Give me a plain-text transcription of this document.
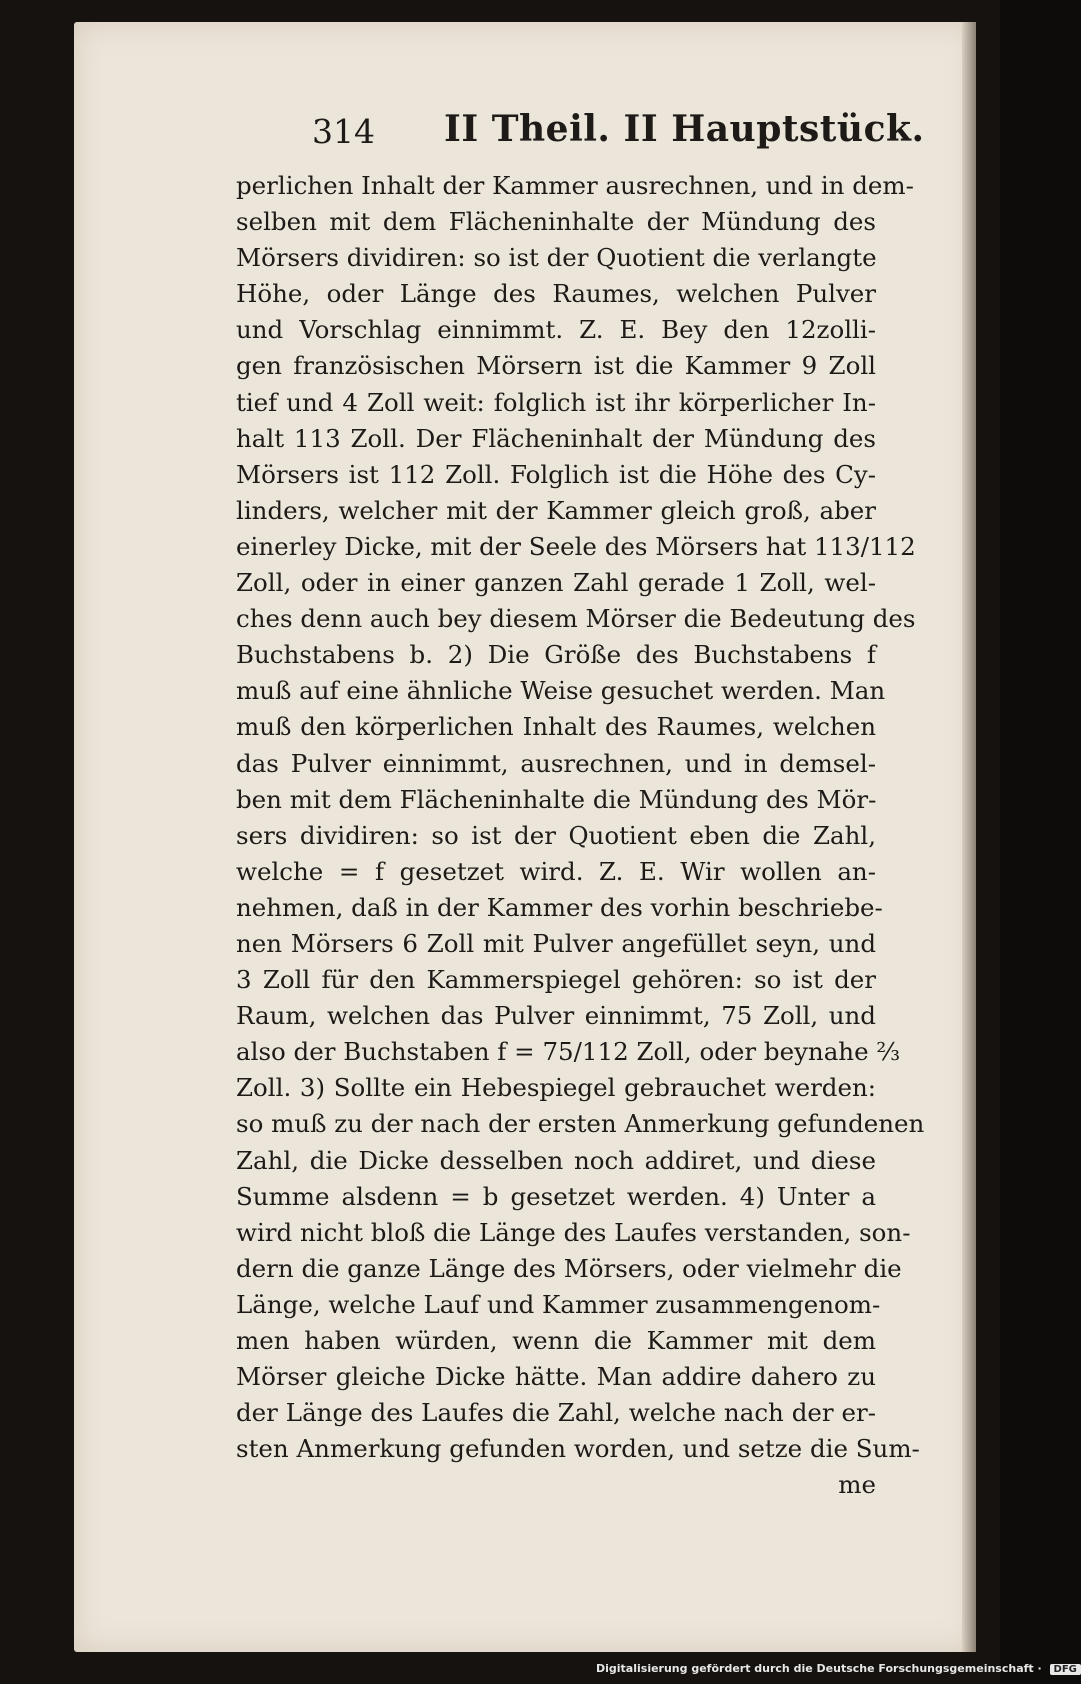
314 II Theil. II Hauptstück.
perlichen Inhalt der Kammer ausrechnen, und in dem-
selben mit dem Flächeninhalte der Mündung des
Mörsers dividiren: so ist der Quotient die verlangte
Höhe, oder Länge des Raumes, welchen Pulver
und Vorschlag einnimmt. Z. E. Bey den 12zolli-
gen französischen Mörsern ist die Kammer 9 Zoll
tief und 4 Zoll weit: folglich ist ihr körperlicher In-
halt 113 Zoll. Der Flächeninhalt der Mündung des
Mörsers ist 112 Zoll. Folglich ist die Höhe des Cy-
linders, welcher mit der Kammer gleich groß, aber
einerley Dicke, mit der Seele des Mörsers hat 113/112
Zoll, oder in einer ganzen Zahl gerade 1 Zoll, wel-
ches denn auch bey diesem Mörser die Bedeutung des
Buchstabens b. 2) Die Größe des Buchstabens f
muß auf eine ähnliche Weise gesuchet werden. Man
muß den körperlichen Inhalt des Raumes, welchen
das Pulver einnimmt, ausrechnen, und in demsel-
ben mit dem Flächeninhalte die Mündung des Mör-
sers dividiren: so ist der Quotient eben die Zahl,
welche = f gesetzet wird. Z. E. Wir wollen an-
nehmen, daß in der Kammer des vorhin beschriebe-
nen Mörsers 6 Zoll mit Pulver angefüllet seyn, und
3 Zoll für den Kammerspiegel gehören: so ist der
Raum, welchen das Pulver einnimmt, 75 Zoll, und
also der Buchstaben f = 75/112 Zoll, oder beynahe ⅔
Zoll. 3) Sollte ein Hebespiegel gebrauchet werden:
so muß zu der nach der ersten Anmerkung gefundenen
Zahl, die Dicke desselben noch addiret, und diese
Summe alsdenn = b gesetzet werden. 4) Unter a
wird nicht bloß die Länge des Laufes verstanden, son-
dern die ganze Länge des Mörsers, oder vielmehr die
Länge, welche Lauf und Kammer zusammengenom-
men haben würden, wenn die Kammer mit dem
Mörser gleiche Dicke hätte. Man addire dahero zu
der Länge des Laufes die Zahl, welche nach der er-
sten Anmerkung gefunden worden, und setze die Sum-
me
Digitalisierung gefördert durch die Deutsche Forschungsgemeinschaft · DFG
